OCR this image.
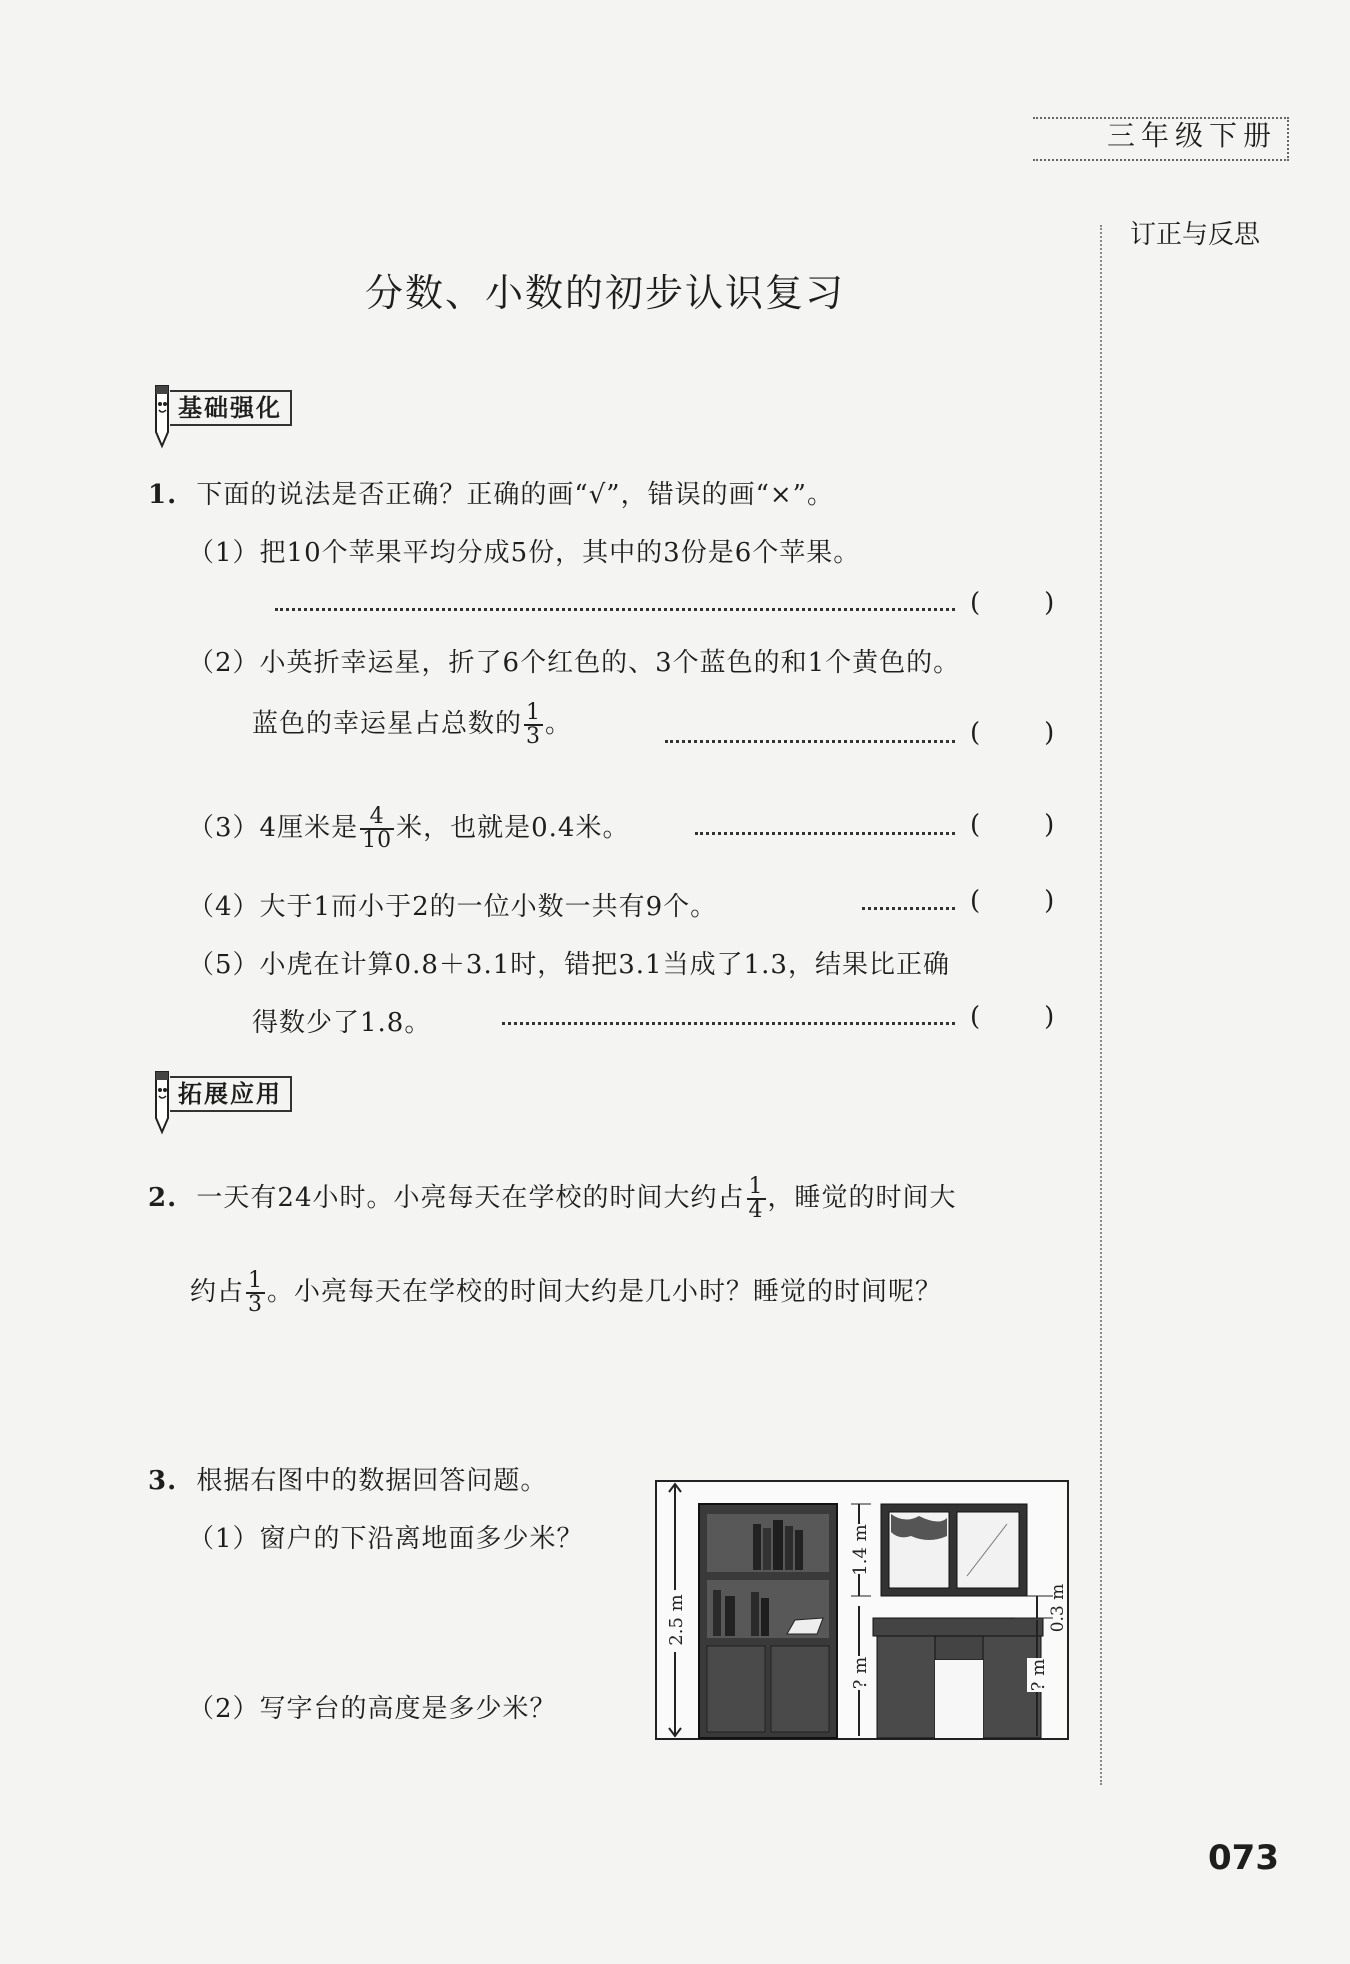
三年级下册
订正与反思
分数、小数的初步认识复习
基础强化
1. 下面的说法是否正确？正确的画“√”，错误的画“×”。
（1）把10个苹果平均分成5份，其中的3份是6个苹果。
( )
（2）小英折幸运星，折了6个红色的、3个蓝色的和1个黄色的。
蓝色的幸运星占总数的 $\frac{1}{3}$ 。	( )
（3）4厘米是 $\frac{4}{10}$ 米，也就是0.4米。	( )
（4）大于1而小于2的一位小数一共有9个。	( )
（5）小虎在计算0.8＋3.1时，错把3.1当成了1.3，结果比正确
得数少了1.8。	( )
拓展应用
2. 一天有24小时。小亮每天在学校的时间大约占 $\frac{1}{4}$ ，睡觉的时间大
约占 $\frac{1}{3}$ 。小亮每天在学校的时间大约是几小时？睡觉的时间呢？
3. 根据右图中的数据回答问题。
（1）窗户的下沿离地面多少米？
（2）写字台的高度是多少米？
2.5 m
1.4 m
? m
0.3 m
? m
073
